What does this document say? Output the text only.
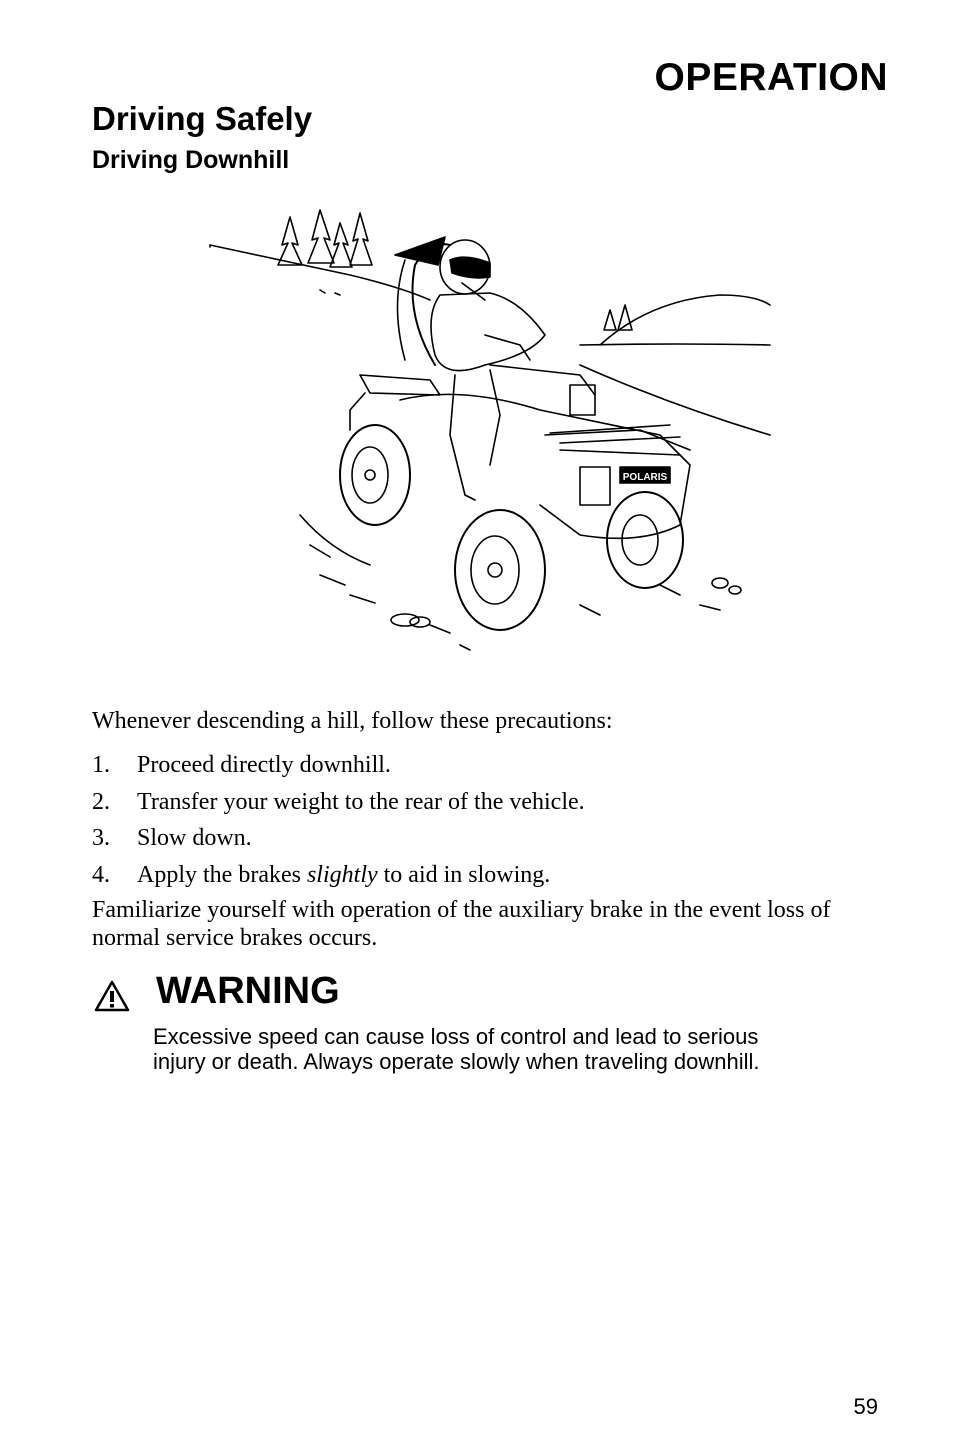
OPERATION
Driving Safely
Driving Downhill
POLARIS
Whenever descending a hill, follow these precautions:
1. Proceed directly downhill.
2. Transfer your weight to the rear of the vehicle.
3. Slow down.
4. Apply the brakes slightly to aid in slowing.
Familiarize yourself with operation of the auxiliary brake in the event loss of normal service brakes occurs.
WARNING
Excessive speed can cause loss of control and lead to serious
injury or death. Always operate slowly when traveling downhill.
59
